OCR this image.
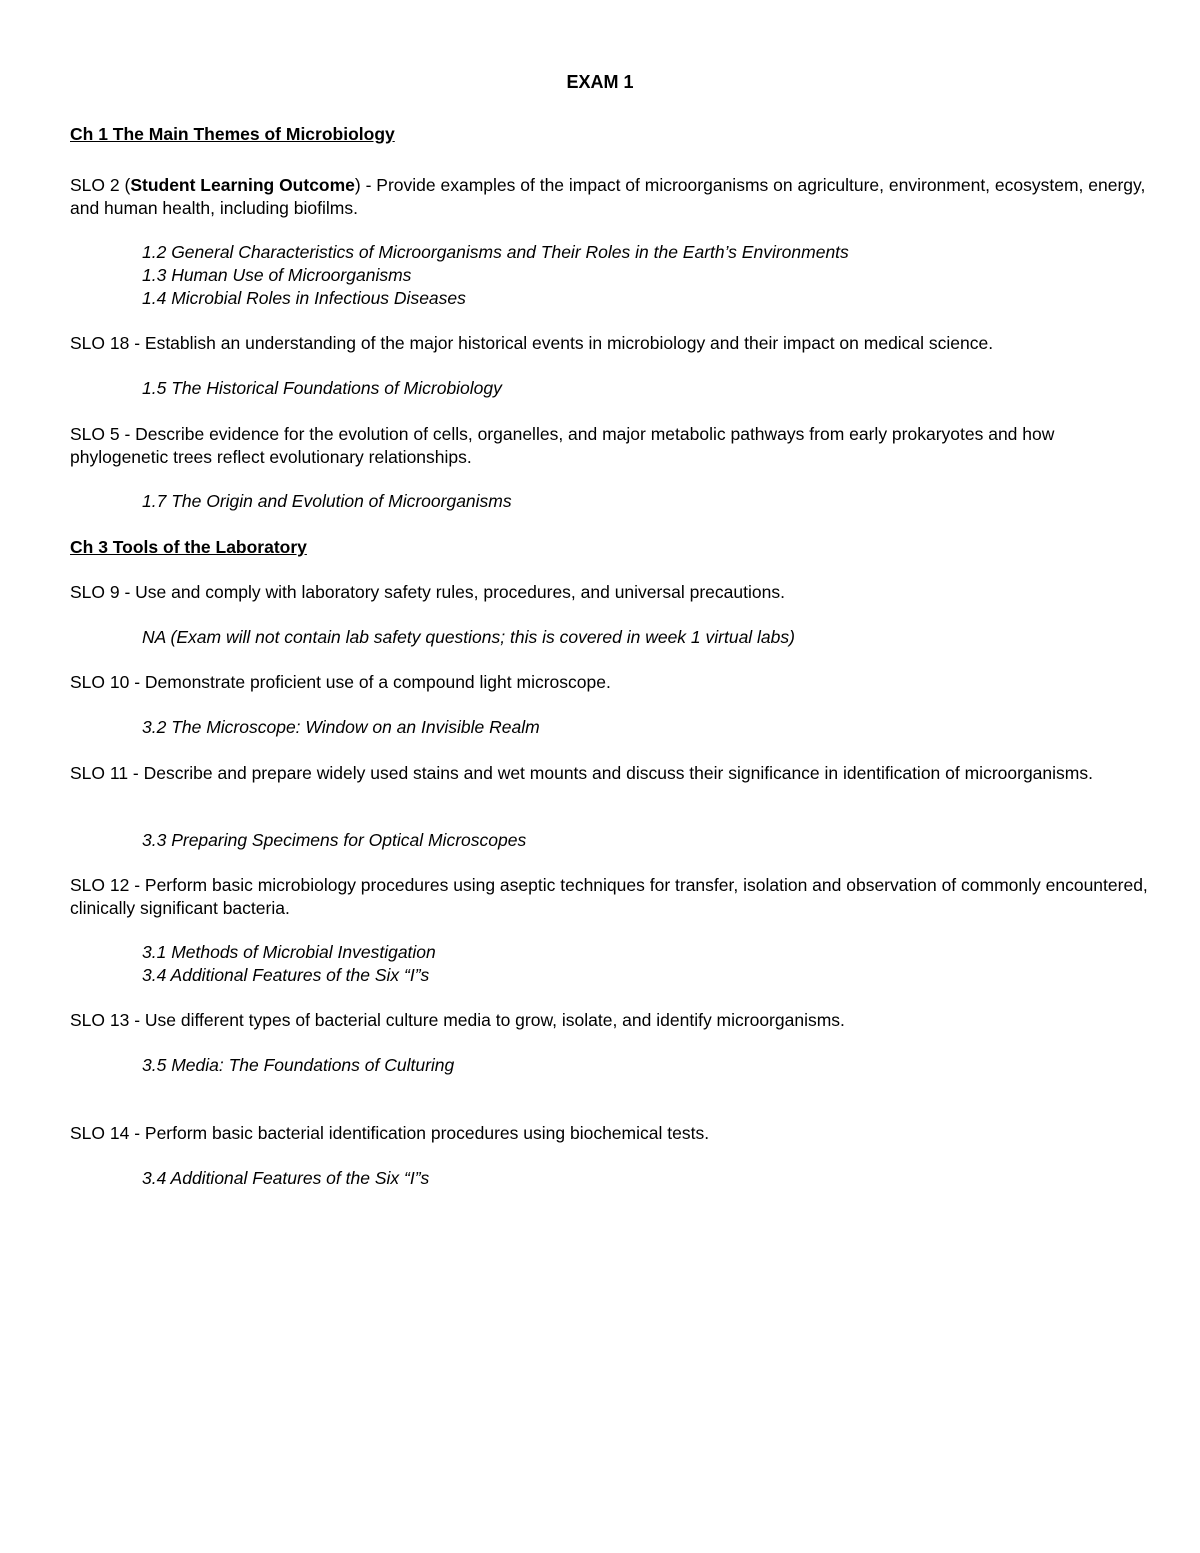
EXAM 1
Ch 1 The Main Themes of Microbiology
SLO 2 (Student Learning Outcome) - Provide examples of the impact of microorganisms on agriculture, environment, ecosystem, energy, and human health, including biofilms.
1.2 General Characteristics of Microorganisms and Their Roles in the Earth’s Environments
1.3 Human Use of Microorganisms
1.4 Microbial Roles in Infectious Diseases
SLO 18 - Establish an understanding of the major historical events in microbiology and their impact on medical science.
1.5 The Historical Foundations of Microbiology
SLO 5 - Describe evidence for the evolution of cells, organelles, and major metabolic pathways from early prokaryotes and how phylogenetic trees reflect evolutionary relationships.
1.7 The Origin and Evolution of Microorganisms
Ch 3 Tools of the Laboratory
SLO 9 - Use and comply with laboratory safety rules, procedures, and universal precautions.
NA (Exam will not contain lab safety questions; this is covered in week 1 virtual labs)
SLO 10 - Demonstrate proficient use of a compound light microscope.
3.2 The Microscope: Window on an Invisible Realm
SLO 11 - Describe and prepare widely used stains and wet mounts and discuss their significance in identification of microorganisms.
3.3 Preparing Specimens for Optical Microscopes
SLO 12 - Perform basic microbiology procedures using aseptic techniques for transfer, isolation and observation of commonly encountered, clinically significant bacteria.
3.1 Methods of Microbial Investigation
3.4 Additional Features of the Six “I”s
SLO 13 - Use different types of bacterial culture media to grow, isolate, and identify microorganisms.
3.5 Media: The Foundations of Culturing
SLO 14 - Perform basic bacterial identification procedures using biochemical tests.
3.4 Additional Features of the Six “I”s
